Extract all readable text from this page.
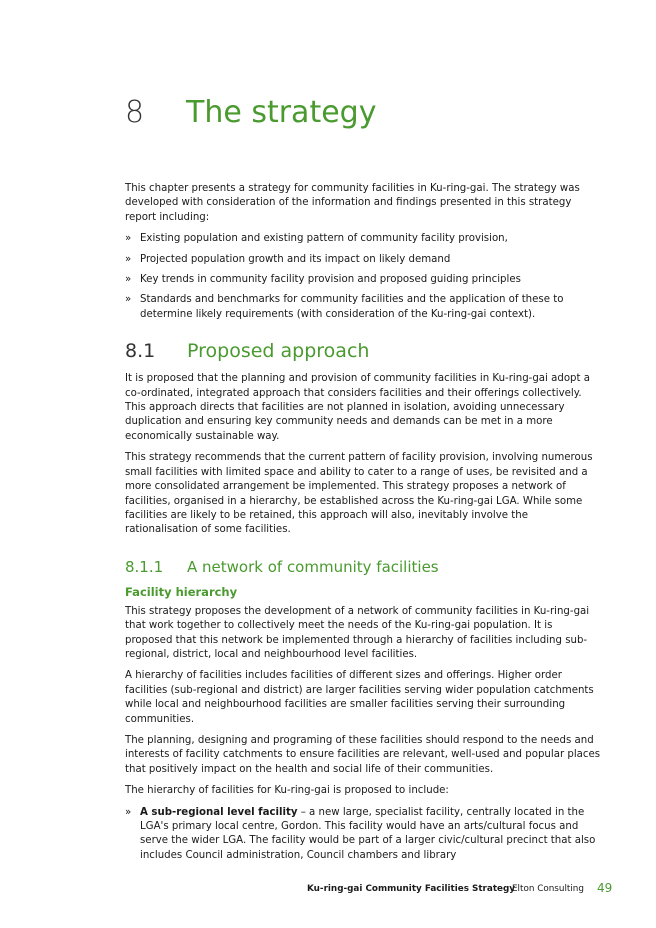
8 The strategy

This chapter presents a strategy for community facilities in Ku-ring-gai. The strategy was developed with consideration of the information and findings presented in this strategy report including:

» Existing population and existing pattern of community facility provision,
» Projected population growth and its impact on likely demand
» Key trends in community facility provision and proposed guiding principles
» Standards and benchmarks for community facilities and the application of these to determine likely requirements (with consideration of the Ku-ring-gai context).
8.1	Proposed approach

It is proposed that the planning and provision of community facilities in Ku-ring-gai adopt a co-ordinated, integrated approach that considers facilities and their offerings collectively. This approach directs that facilities are not planned in isolation, avoiding unnecessary duplication and ensuring key community needs and demands can be met in a more economically sustainable way.

This strategy recommends that the current pattern of facility provision, involving numerous small facilities with limited space and ability to cater to a range of uses, be revisited and a more consolidated arrangement be implemented. This strategy proposes a network of facilities, organised in a hierarchy, be established across the Ku-ring-gai LGA. While some facilities are likely to be retained, this approach will also, inevitably involve the rationalisation of some facilities.

8.1.1	A network of community facilities
Facility hierarchy

This strategy proposes the development of a network of community facilities in Ku-ring-gai that work together to collectively meet the needs of the Ku-ring-gai population. It is proposed that this network be implemented through a hierarchy of facilities including sub-regional, district, local and neighbourhood level facilities.

A hierarchy of facilities includes facilities of different sizes and offerings. Higher order facilities (sub-regional and district) are larger facilities serving wider population catchments while local and neighbourhood facilities are smaller facilities serving their surrounding communities.

The planning, designing and programing of these facilities should respond to the needs and interests of facility catchments to ensure facilities are relevant, well-used and popular places that positively impact on the health and social life of their communities.

The hierarchy of facilities for Ku-ring-gai is proposed to include:

» A sub-regional level facility – a new large, specialist facility, centrally located in the LGA's primary local centre, Gordon. This facility would have an arts/cultural focus and serve the wider LGA. The facility would be part of a larger civic/cultural precinct that also includes Council administration, Council chambers and library
Ku-ring-gai Community Facilities Strategy
Elton Consulting 49
